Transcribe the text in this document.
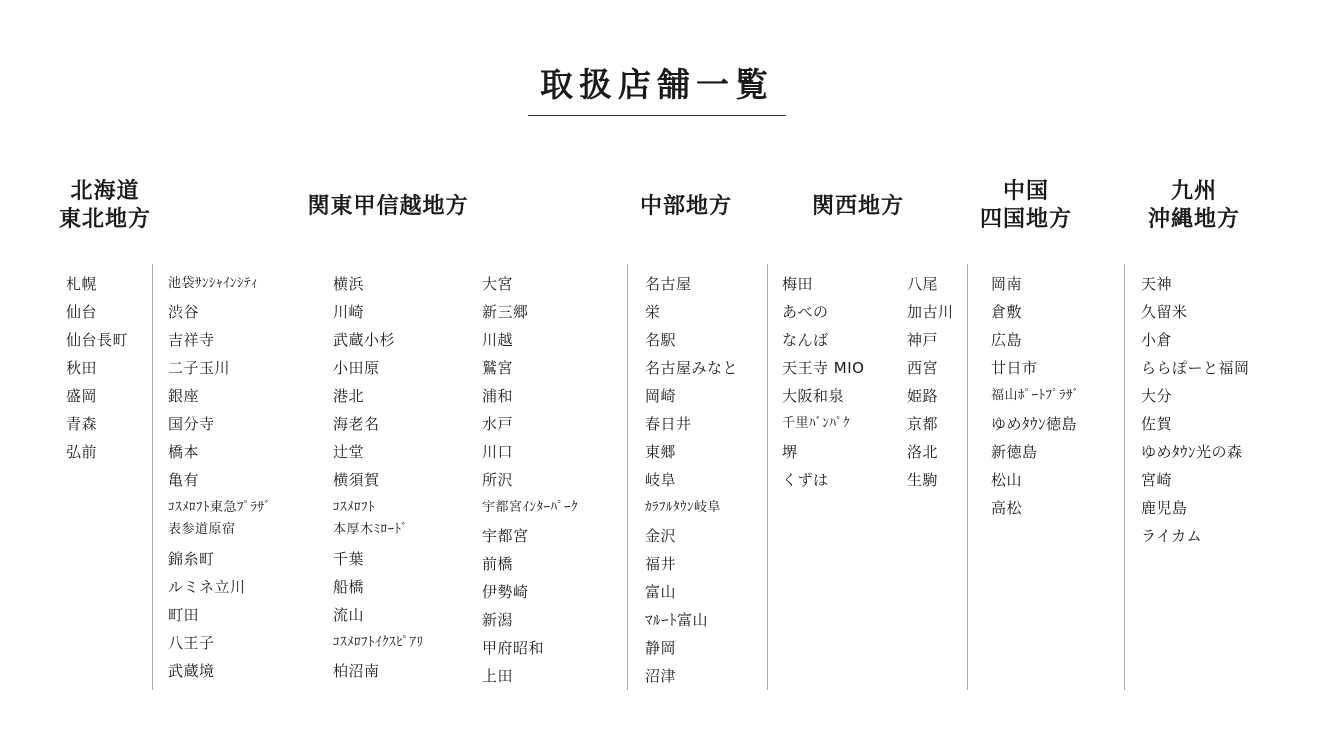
取扱店舗一覧
北海道
東北地方
関東甲信越地方	中部地方	関西地方
中国
四国地方
九州
沖縄地方
札幌
仙台
仙台長町
秋田
盛岡
青森
弘前
池袋ｻﾝｼｬｲﾝｼﾃｨ
渋谷
吉祥寺
二子玉川
銀座
国分寺
橋本
亀有
ｺｽﾒﾛﾌﾄ東急ﾌﾟﾗｻﾞ
表参道原宿
錦糸町
ルミネ立川
町田
八王子
武蔵境
横浜
川崎
武蔵小杉
小田原
港北
海老名
辻堂
横須賀
ｺｽﾒﾛﾌﾄ
本厚木ﾐﾛｰﾄﾞ
千葉
船橋
流山
ｺｽﾒﾛﾌﾄｲｸｽﾋﾟｱﾘ
柏沼南
大宮
新三郷
川越
鷲宮
浦和
水戸
川口
所沢
宇都宮ｲﾝﾀｰﾊﾟｰｸ
宇都宮
前橋
伊勢崎
新潟
甲府昭和
上田
名古屋
栄
名駅
名古屋みなと
岡崎
春日井
東郷
岐阜
ｶﾗﾌﾙﾀｳﾝ岐阜
金沢
福井
富山
ﾏﾙｰﾄ富山
静岡
沼津
梅田
あべの
なんば
天王寺 MIO
大阪和泉
千里ﾊﾞﾝﾊﾟｸ
堺
くずは
八尾
加古川
神戸
西宮
姫路
京都
洛北
生駒
岡南
倉敷
広島
廿日市
福山ﾎﾟｰﾄﾌﾟﾗｻﾞ
ゆめﾀｳﾝ徳島
新徳島
松山
高松
天神
久留米
小倉
ららぽーと福岡
大分
佐賀
ゆめﾀｳﾝ光の森
宮崎
鹿児島
ライカム
